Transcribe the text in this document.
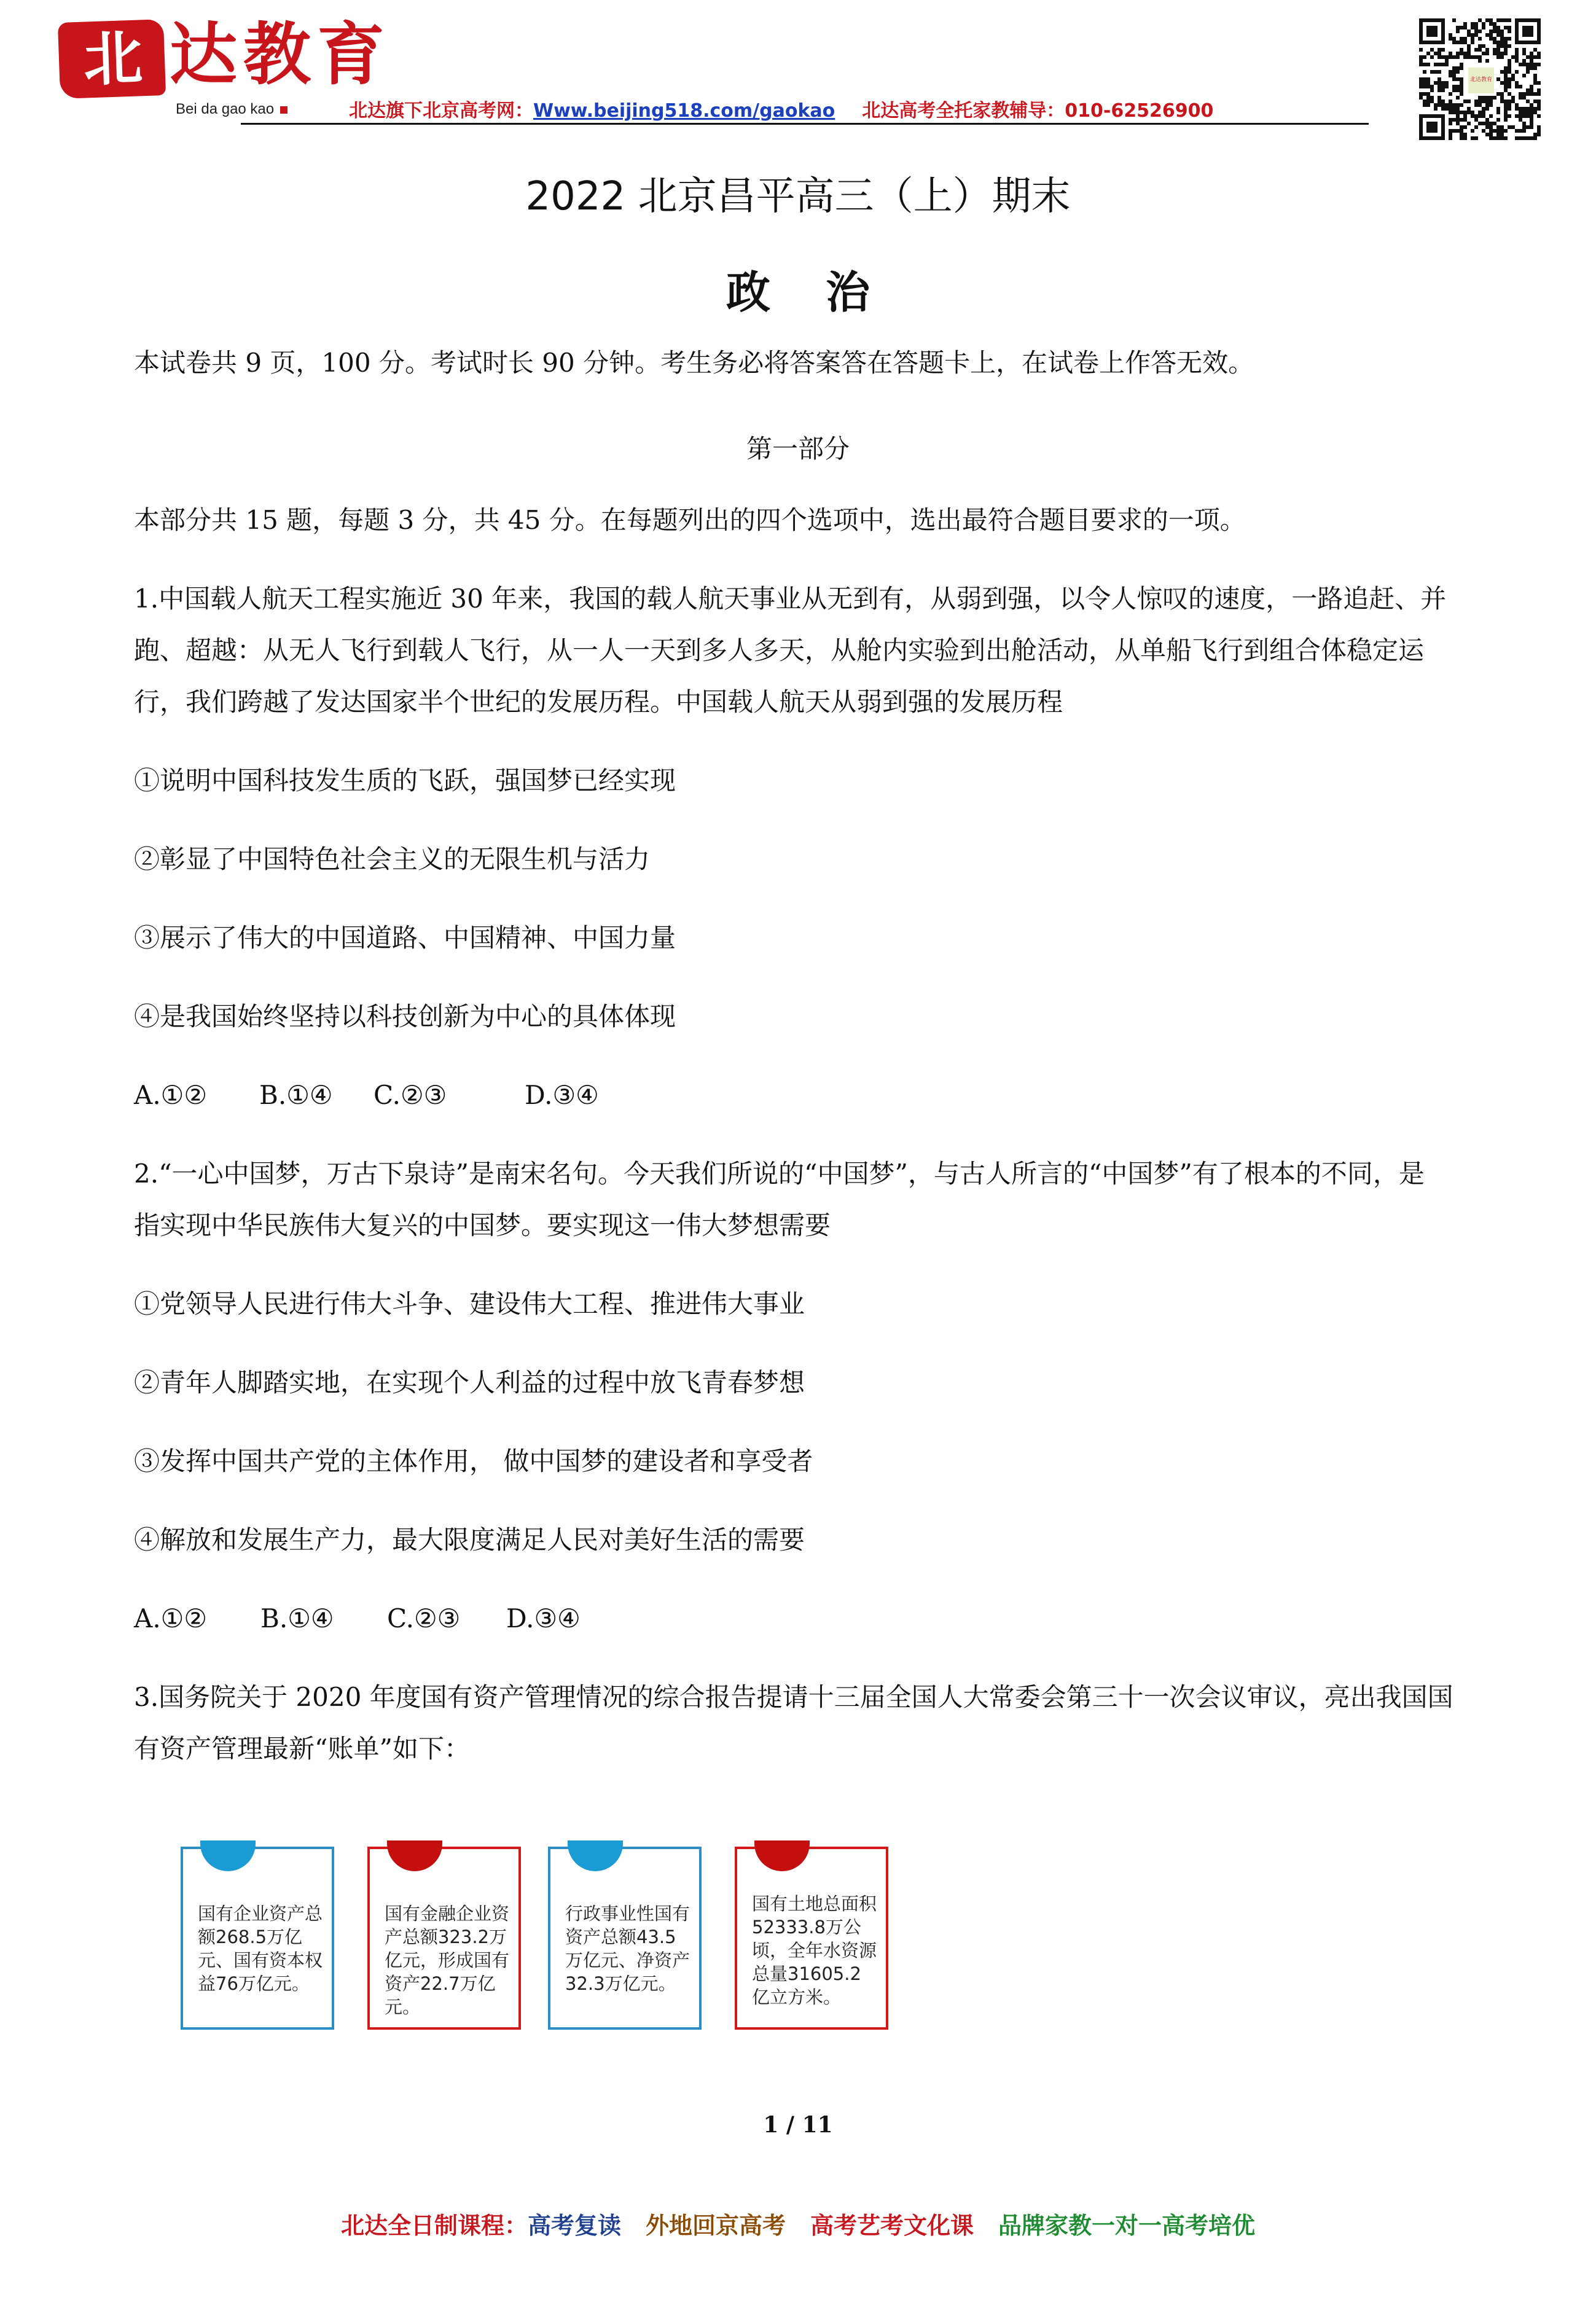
北 达教育
Bei da gao kao	北达旗下北京高考网：Www.beijing518.com/gaokao 北达高考全托家教辅导：010-62526900
北达教育
2022 北京昌平高三（上）期末
政治
本试卷共 9 页，100 分。考试时长 90 分钟。考生务必将答案答在答题卡上，在试卷上作答无效。
第一部分
本部分共 15 题，每题 3 分，共 45 分。在每题列出的四个选项中，选出最符合题目要求的一项。
1.中国载人航天工程实施近 30 年来，我国的载人航天事业从无到有，从弱到强，以令人惊叹的速度，一路追赶、并
跑、超越：从无人飞行到载人飞行，从一人一天到多人多天，从舱内实验到出舱活动，从单船飞行到组合体稳定运
行，我们跨越了发达国家半个世纪的发展历程。中国载人航天从弱到强的发展历程
①说明中国科技发生质的飞跃，强国梦已经实现
②彰显了中国特色社会主义的无限生机与活力
③展示了伟大的中国道路、中国精神、中国力量
④是我国始终坚持以科技创新为中心的具体体现
A.①② B.①④ C.②③	D.③④
2.“一心中国梦，万古下泉诗”是南宋名句。今天我们所说的“中国梦”，与古人所言的“中国梦”有了根本的不同，是
指实现中华民族伟大复兴的中国梦。要实现这一伟大梦想需要
①党领导人民进行伟大斗争、建设伟大工程、推进伟大事业
②青年人脚踏实地，在实现个人利益的过程中放飞青春梦想
③发挥中国共产党的主体作用， 做中国梦的建设者和享受者
④解放和发展生产力，最大限度满足人民对美好生活的需要
A.①② B.①④ C.②③ D.③④
3.国务院关于 2020 年度国有资产管理情况的综合报告提请十三届全国人大常委会第三十一次会议审议，亮出我国国
有资产管理最新“账单”如下：
国有企业资产总额268.5万亿元、国有资本权益76万亿元。
国有金融企业资产总额323.2万亿元，形成国有资产22.7万亿元。
行政事业性国有资产总额43.5万亿元、净资产32.3万亿元。
国有土地总面积52333.8万公顷，全年水资源总量31605.2亿立方米。
1 / 11
北达全日制课程：高考复读 外地回京高考 高考艺考文化课 品牌家教一对一高考培优
